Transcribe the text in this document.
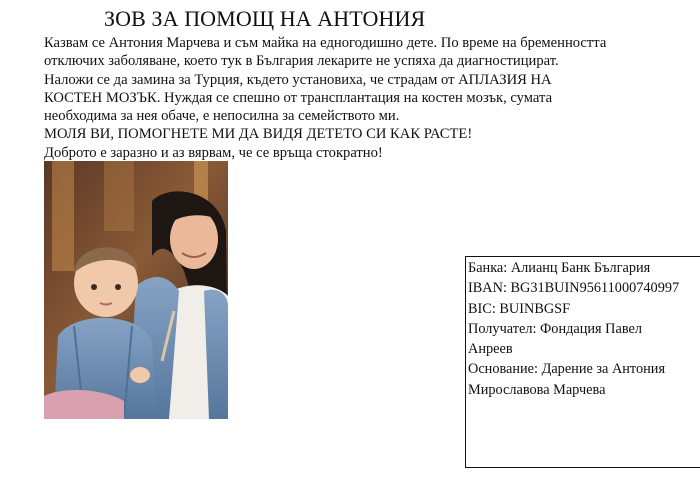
ЗОВ ЗА ПОМОЩ НА АНТОНИЯ
Казвам се Антония Марчева и съм майка на едногодишно дете. По време на бременността
отключих заболяване, което тук в България лекарите не успяха да диагностицират.
Наложи се да замина за Турция, където установиха, че страдам от АПЛАЗИЯ НА
КОСТЕН МОЗЪК. Нуждая се спешно от трансплантация на костен мозък, сумата
необходима за нея обаче, е непосилна за семейството ми.
МОЛЯ ВИ, ПОМОГНЕТЕ МИ ДА ВИДЯ ДЕТЕТО СИ КАК РАСТЕ!
Доброто е заразно и аз вярвам, че се връща стократно!
Банка: Алианц Банк България
IBAN: BG31BUIN95611000740997
BIC: BUINBGSF
Получател: Фондация Павел
Анреев
Основание: Дарение за Антония
Мирославова Марчева
